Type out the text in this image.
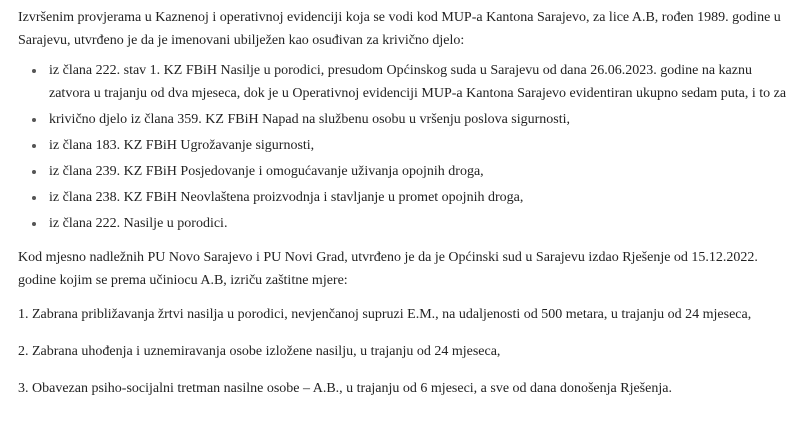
Izvršenim provjerama u Kaznenoj i operativnoj evidenciji koja se vodi kod MUP-a Kantona Sarajevo, za lice A.B, rođen 1989. godine u Sarajevu, utvrđeno je da je imenovani ubilježen kao osuđivan za krivično djelo:

iz člana 222. stav 1. KZ FBiH Nasilje u porodici, presudom Općinskog suda u Sarajevu od dana 26.06.2023. godine na kaznu zatvora u trajanju od dva mjeseca, dok je u Operativnoj evidenciji MUP-a Kantona Sarajevo evidentiran ukupno sedam puta, i to za
krivično djelo iz člana 359. KZ FBiH Napad na službenu osobu u vršenju poslova sigurnosti,
iz člana 183. KZ FBiH Ugrožavanje sigurnosti,
iz člana 239. KZ FBiH Posjedovanje i omogućavanje uživanja opojnih droga,
iz člana 238. KZ FBiH Neovlaštena proizvodnja i stavljanje u promet opojnih droga,
iz člana 222. Nasilje u porodici.

Kod mjesno nadležnih PU Novo Sarajevo i PU Novi Grad, utvrđeno je da je Općinski sud u Sarajevu izdao Rješenje od 15.12.2022. godine kojim se prema učiniocu A.B, izriču zaštitne mjere:

1. Zabrana približavanja žrtvi nasilja u porodici, nevjenčanoj supruzi E.M., na udaljenosti od 500 metara, u trajanju od 24 mjeseca,

2. Zabrana uhođenja i uznemiravanja osobe izložene nasilju, u trajanju od 24 mjeseca,

3. Obavezan psiho-socijalni tretman nasilne osobe – A.B., u trajanju od 6 mjeseci, a sve od dana donošenja Rješenja.
